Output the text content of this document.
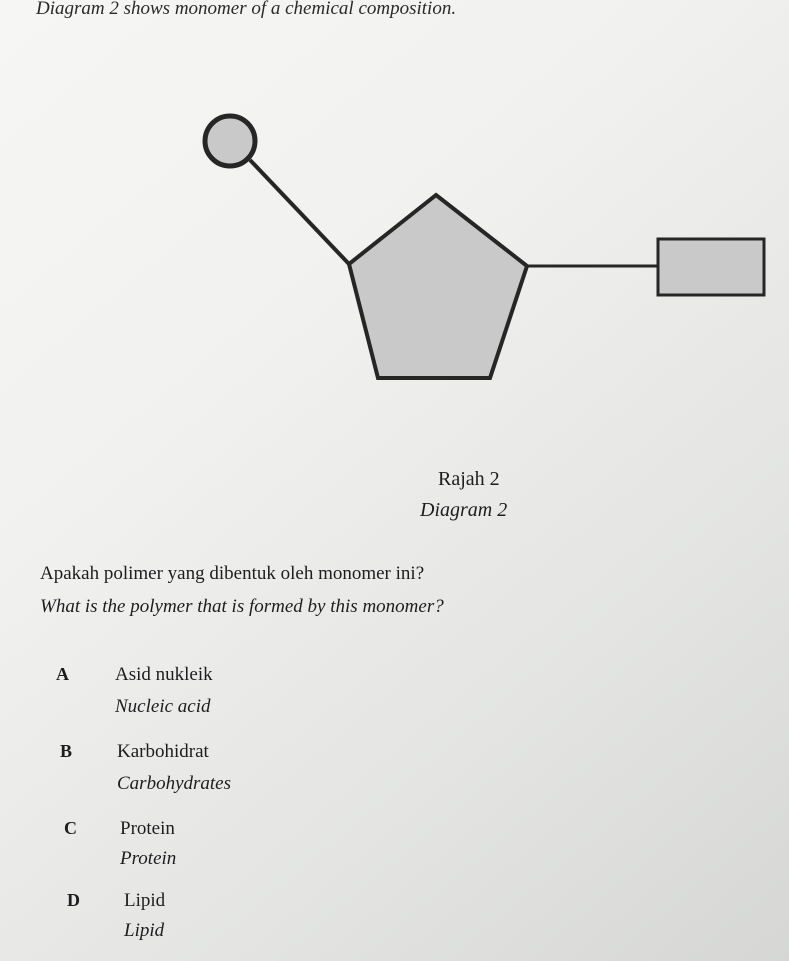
Diagram 2 shows monomer of a chemical composition.
Rajah 2
Diagram 2
Apakah polimer yang dibentuk oleh monomer ini?
What is the polymer that is formed by this monomer?
A Asid nukleik
Nucleic acid
B Karbohidrat
Carbohydrates
C Protein
Protein
D Lipid
Lipid
